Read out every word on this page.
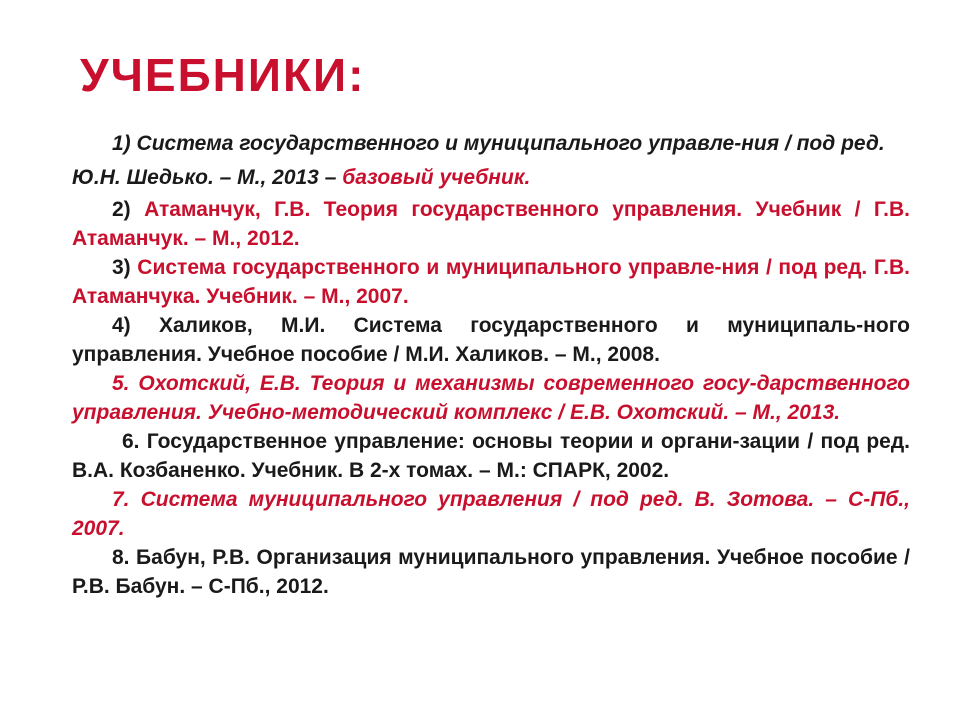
УЧЕБНИКИ:
1) Система государственного и муниципального управле-ния / под ред. Ю.Н. Шедько. – М., 2013 – базовый учебник.
2) Атаманчук, Г.В. Теория государственного управления. Учебник / Г.В. Атаманчук. – М., 2012.
3) Система государственного и муниципального управле-ния / под ред. Г.В. Атаманчука. Учебник. – М., 2007.
4) Халиков, М.И. Система государственного и муниципаль-ного управления. Учебное пособие / М.И. Халиков. – М., 2008.
5. Охотский, Е.В. Теория и механизмы современного госу-дарственного управления. Учебно-методический комплекс / Е.В. Охотский. – М., 2013.
6. Государственное управление: основы теории и органи-зации / под ред. В.А. Козбаненко. Учебник. В 2-х томах. – М.: СПАРК, 2002.
7. Система муниципального управления / под ред. В. Зотова. – С-Пб., 2007.
8. Бабун, Р.В. Организация муниципального управления. Учебное пособие / Р.В. Бабун. – С-Пб., 2012.
